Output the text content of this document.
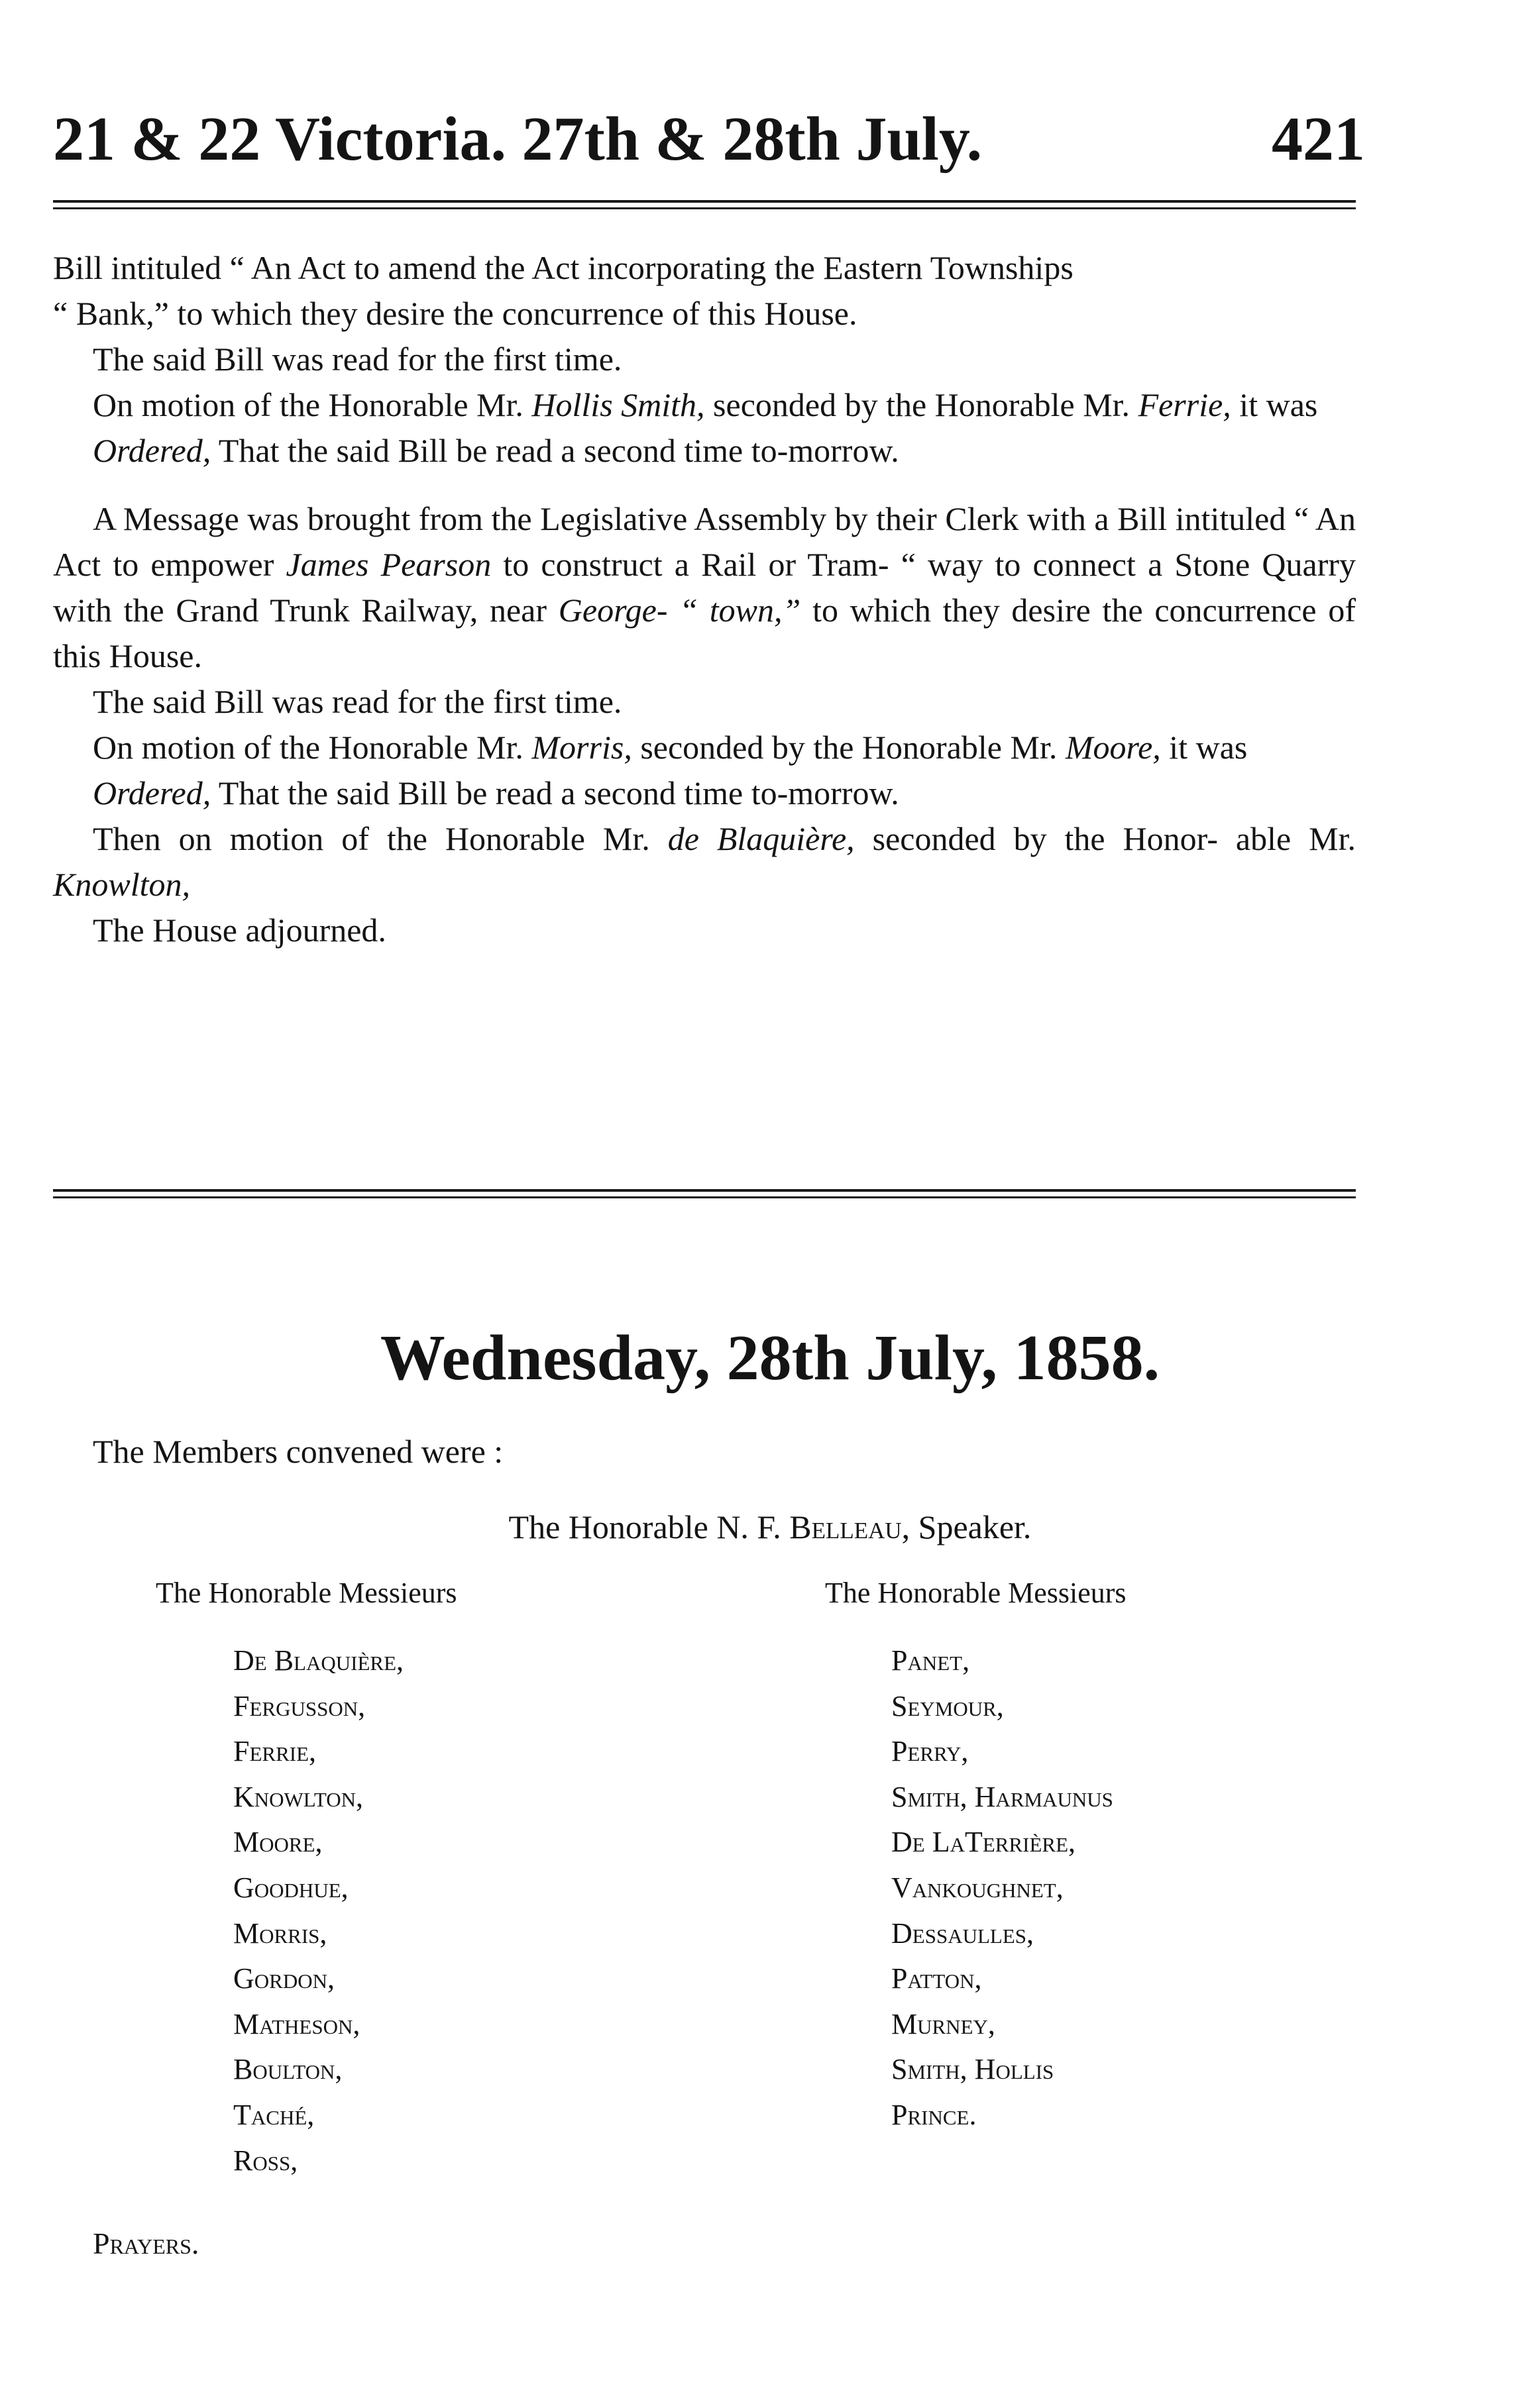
21 & 22 Victoria. 27th & 28th July.	421

Bill intituled “ An Act to amend the Act incorporating the Eastern Townships
“ Bank,” to which they desire the concurrence of this House.

The said Bill was read for the first time.

On motion of the Honorable Mr. Hollis Smith, seconded by the Honorable Mr. Ferrie, it was

Ordered, That the said Bill be read a second time to-morrow.

A Message was brought from the Legislative Assembly by their Clerk with a Bill intituled “ An Act to empower James Pearson to construct a Rail or Tram- “ way to connect a Stone Quarry with the Grand Trunk Railway, near George- “ town,” to which they desire the concurrence of this House.

The said Bill was read for the first time.

On motion of the Honorable Mr. Morris, seconded by the Honorable Mr. Moore, it was

Ordered, That the said Bill be read a second time to-morrow.

Then on motion of the Honorable Mr. de Blaquière, seconded by the Honor- able Mr. Knowlton,

The House adjourned.

Wednesday, 28th July, 1858.
The Members convened were :
The Honorable N. F. Belleau, Speaker.
The Honorable Messieurs	The Honorable Messieurs
De Blaquière,
Fergusson,
Ferrie,
Knowlton,
Moore,
Goodhue,
Morris,
Gordon,
Matheson,
Boulton,
Taché,
Ross,
Panet,
Seymour,
Perry,
Smith, Harmaunus
De LaTerrière,
Vankoughnet,
Dessaulles,
Patton,
Murney,
Smith, Hollis
Prince.
Prayers.
